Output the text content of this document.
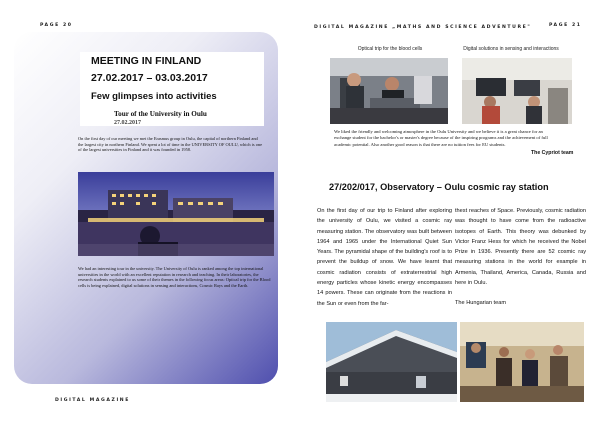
PAGE 20
MEETING IN FINLAND
27.02.2017 – 03.03.2017
Few glimpses into activities
Tour of the University in Oulu
27.02.2017
On the first day of our meeting we met the Erasmus group in Oulu, the capital of northern Finland and the largest city in northern Finland. We spent a lot of time in the UNIVERSITY OF OULU, which is one of the largest universities in Finland and it was founded in 1958.
We had an interesting tour in the university. The University of Oulu is ranked among the top international universities in the world with an excellent reputation in research and teaching. In their laboratories, the research students explained to us some of their themes in the following focus areas: Optical trip for the Blood cells is being explained, digital solutions in sensing and interactions, Cosmic Rays and the Earth.
DIGITAL MAGAZINE
DIGITAL MAGAZINE „MATHS AND SCIENCE ADVENTURE"	PAGE 21
Optical trip for the blood cells	Digital solutions in sensing and interactions
We liked the friendly and welcoming atmosphere in the Oulu University and we believe it is a great chance for an exchange student for the bachelor's or master's degree because of the inspiring programs and the achievement of full academic potential. Also another good reason is that there are no tuition fees for EU students.
The Cypriot team
27/202/017, Observatory – Oulu cosmic ray station
On the first day of our trip to Finland after exploring the university of Oulu, we visited a cosmic ray measuring station. The observatory was built between 1964 and 1965 under the International Quiet Sun Years. The pyramidal shape of the building's roof is to prevent the buildup of snow. We have learnt that cosmic radiation consists of extraterrestrial high energy particles whose kinetic energy encompasses 14 powers. These can originate from the reactions in the Sun or even from the far-
thest reaches of Space. Previously, cosmic radiation was thought to have come from the radioactive isotopes of Earth. This theory was debunked by Victor Franz Hess for which he received the Nobel Prize in 1936. Presently there are 52 cosmic ray measuring stations in the world for example in Armenia, Thailand, America, Canada, Russia and here in Oulu.
The Hungarian team
